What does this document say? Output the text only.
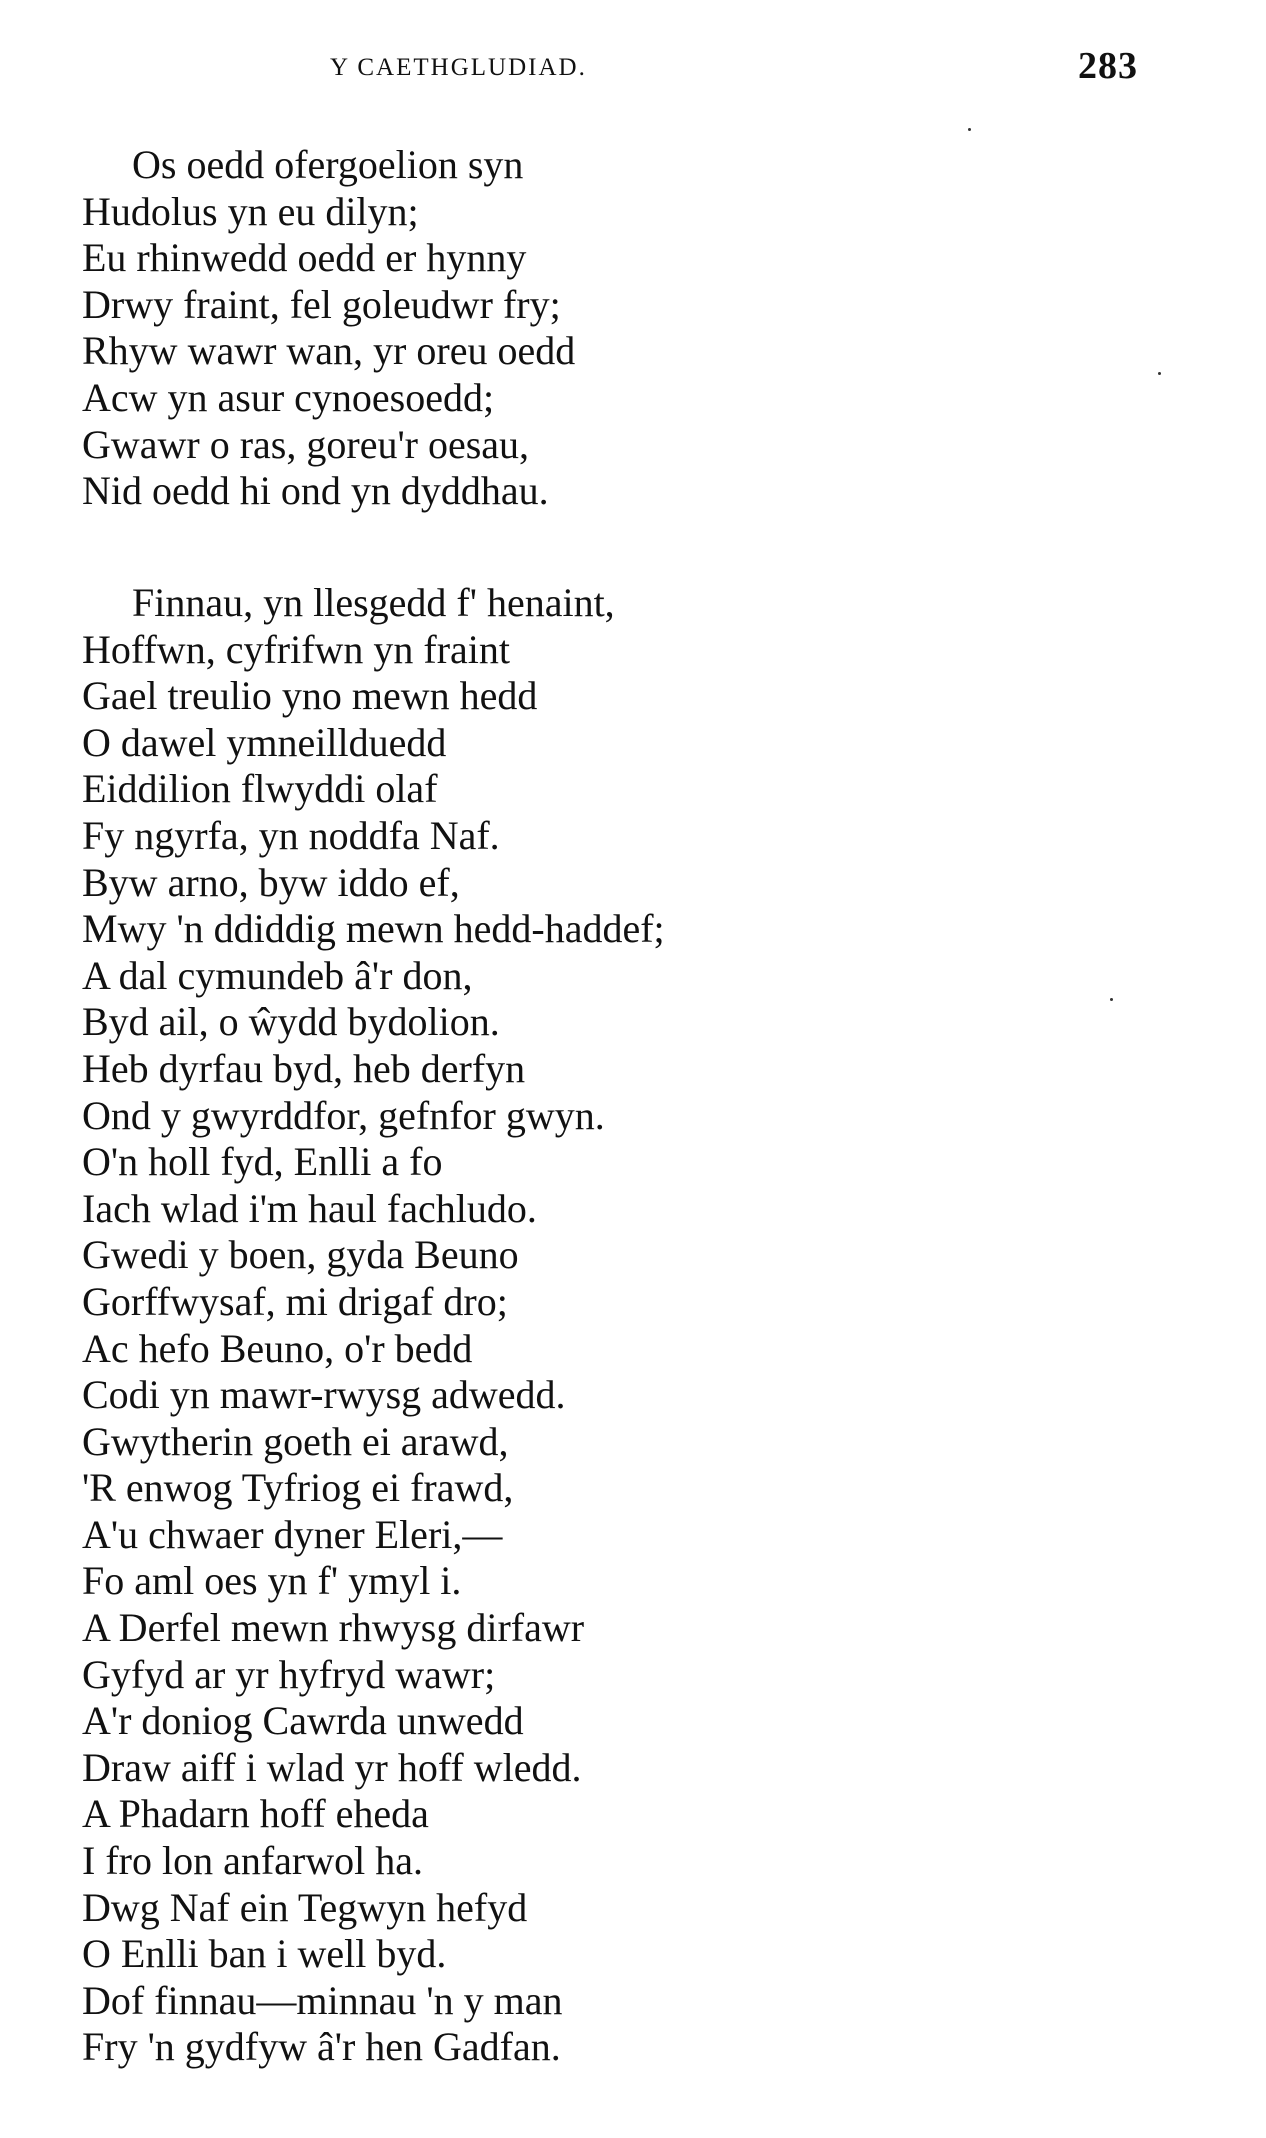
Y CAETHGLUDIAD.	283
Os oedd ofergoelion syn
Hudolus yn eu dilyn;
Eu rhinwedd oedd er hynny
Drwy fraint, fel goleudwr fry;
Rhyw wawr wan, yr oreu oedd
Acw yn asur cynoesoedd;
Gwawr o ras, goreu'r oesau,
Nid oedd hi ond yn dyddhau.
Finnau, yn llesgedd f' henaint,
Hoffwn, cyfrifwn yn fraint
Gael treulio yno mewn hedd
O dawel ymneillduedd
Eiddilion flwyddi olaf
Fy ngyrfa, yn noddfa Naf.
Byw arno, byw iddo ef,
Mwy 'n ddiddig mewn hedd-haddef;
A dal cymundeb â'r don,
Byd ail, o ŵydd bydolion.
Heb dyrfau byd, heb derfyn
Ond y gwyrddfor, gefnfor gwyn.
O'n holl fyd, Enlli a fo
Iach wlad i'm haul fachludo.
Gwedi y boen, gyda Beuno
Gorffwysaf, mi drigaf dro;
Ac hefo Beuno, o'r bedd
Codi yn mawr-rwysg adwedd.
Gwytherin goeth ei arawd,
'R enwog Tyfriog ei frawd,
A'u chwaer dyner Eleri,—
Fo aml oes yn f' ymyl i.
A Derfel mewn rhwysg dirfawr
Gyfyd ar yr hyfryd wawr;
A'r doniog Cawrda unwedd
Draw aiff i wlad yr hoff wledd.
A Phadarn hoff eheda
I fro lon anfarwol ha.
Dwg Naf ein Tegwyn hefyd
O Enlli ban i well byd.
Dof finnau—minnau 'n y man
Fry 'n gydfyw â'r hen Gadfan.
